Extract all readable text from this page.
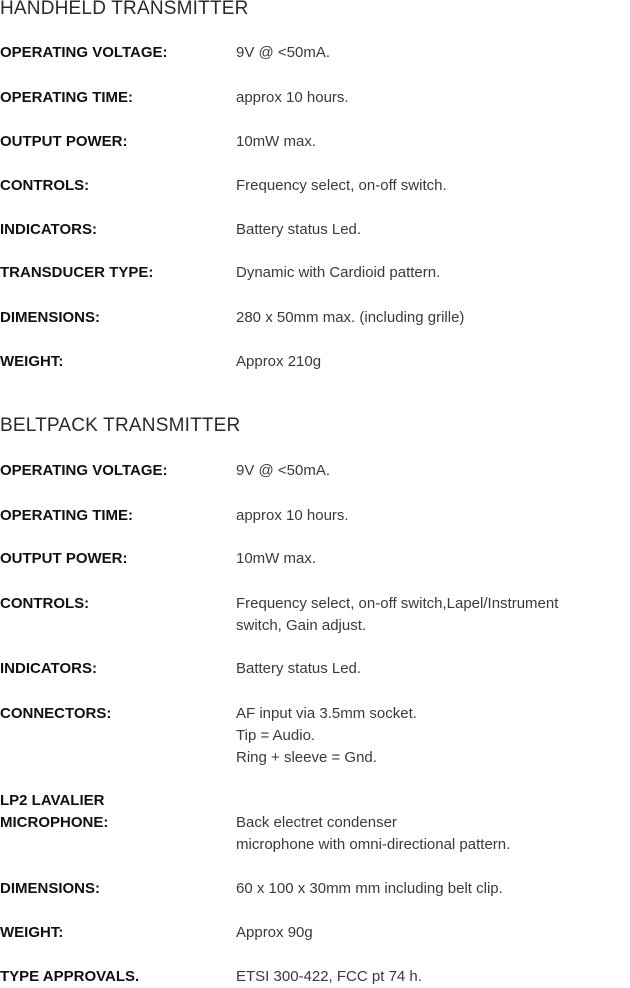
HANDHELD TRANSMITTER
OPERATING VOLTAGE:	9V @ <50mA.
OPERATING TIME:	approx 10 hours.
OUTPUT POWER:	10mW max.
CONTROLS:	Frequency select, on-off switch.
INDICATORS:	Battery status Led.
TRANSDUCER TYPE:	Dynamic with Cardioid pattern.
DIMENSIONS:	280 x 50mm max. (including grille)
WEIGHT:	Approx 210g
BELTPACK TRANSMITTER
OPERATING VOLTAGE:	9V @ <50mA.
OPERATING TIME:	approx 10 hours.
OUTPUT POWER:	10mW max.
CONTROLS:	Frequency select, on-off switch,Lapel/Instrument
switch, Gain adjust.
INDICATORS:	Battery status Led.
CONNECTORS:	AF input via 3.5mm socket.
Tip = Audio.
Ring + sleeve = Gnd.
LP2 LAVALIER
MICROPHONE:	
Back electret condenser
microphone with omni-directional pattern.
DIMENSIONS:	60 x 100 x 30mm mm including belt clip.
WEIGHT:	Approx 90g
TYPE APPROVALS.	ETSI 300-422, FCC pt 74 h.
